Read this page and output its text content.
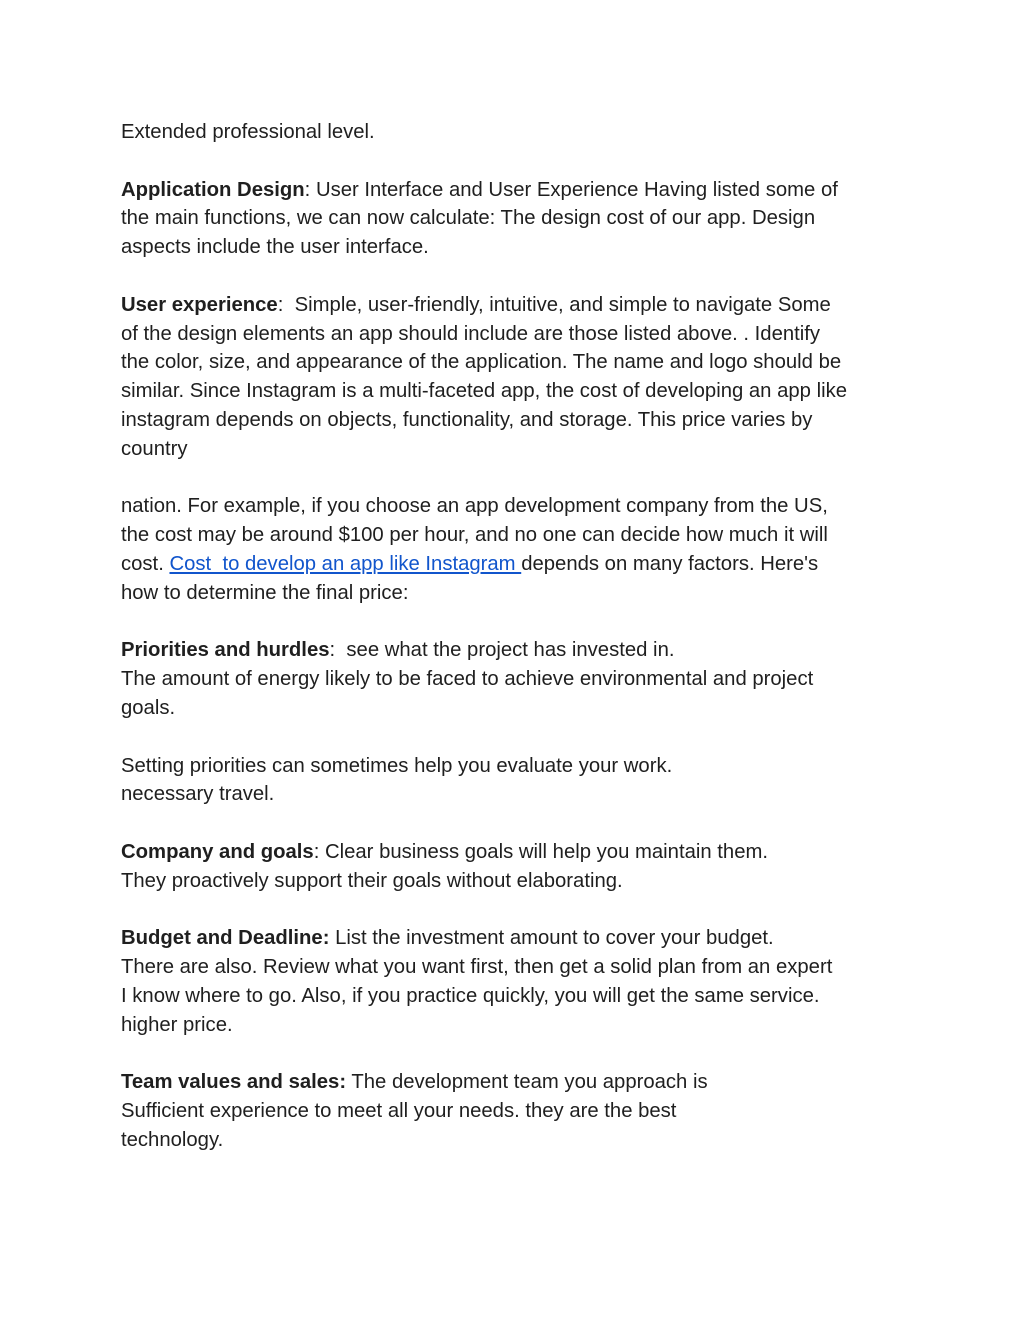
Extended professional level.

Application Design: User Interface and User Experience Having listed some of

the main functions, we can now calculate: The design cost of our app. Design

aspects include the user interface.

User experience:  Simple, user-friendly, intuitive, and simple to navigate Some

of the design elements an app should include are those listed above. . Identify

the color, size, and appearance of the application. The name and logo should be

similar. Since Instagram is a multi-faceted app, the cost of developing an app like

instagram depends on objects, functionality, and storage. This price varies by

country

nation. For example, if you choose an app development company from the US,

the cost may be around $100 per hour, and no one can decide how much it will

cost. Cost  to develop an app like Instagram depends on many factors. Here's

how to determine the final price:

Priorities and hurdles:  see what the project has invested in.

The amount of energy likely to be faced to achieve environmental and project

goals.

Setting priorities can sometimes help you evaluate your work.

necessary travel.

Company and goals: Clear business goals will help you maintain them.

They proactively support their goals without elaborating.

Budget and Deadline: List the investment amount to cover your budget.

There are also. Review what you want first, then get a solid plan from an expert

I know where to go. Also, if you practice quickly, you will get the same service.

higher price.

Team values and sales: The development team you approach is

Sufficient experience to meet all your needs. they are the best

technology.
